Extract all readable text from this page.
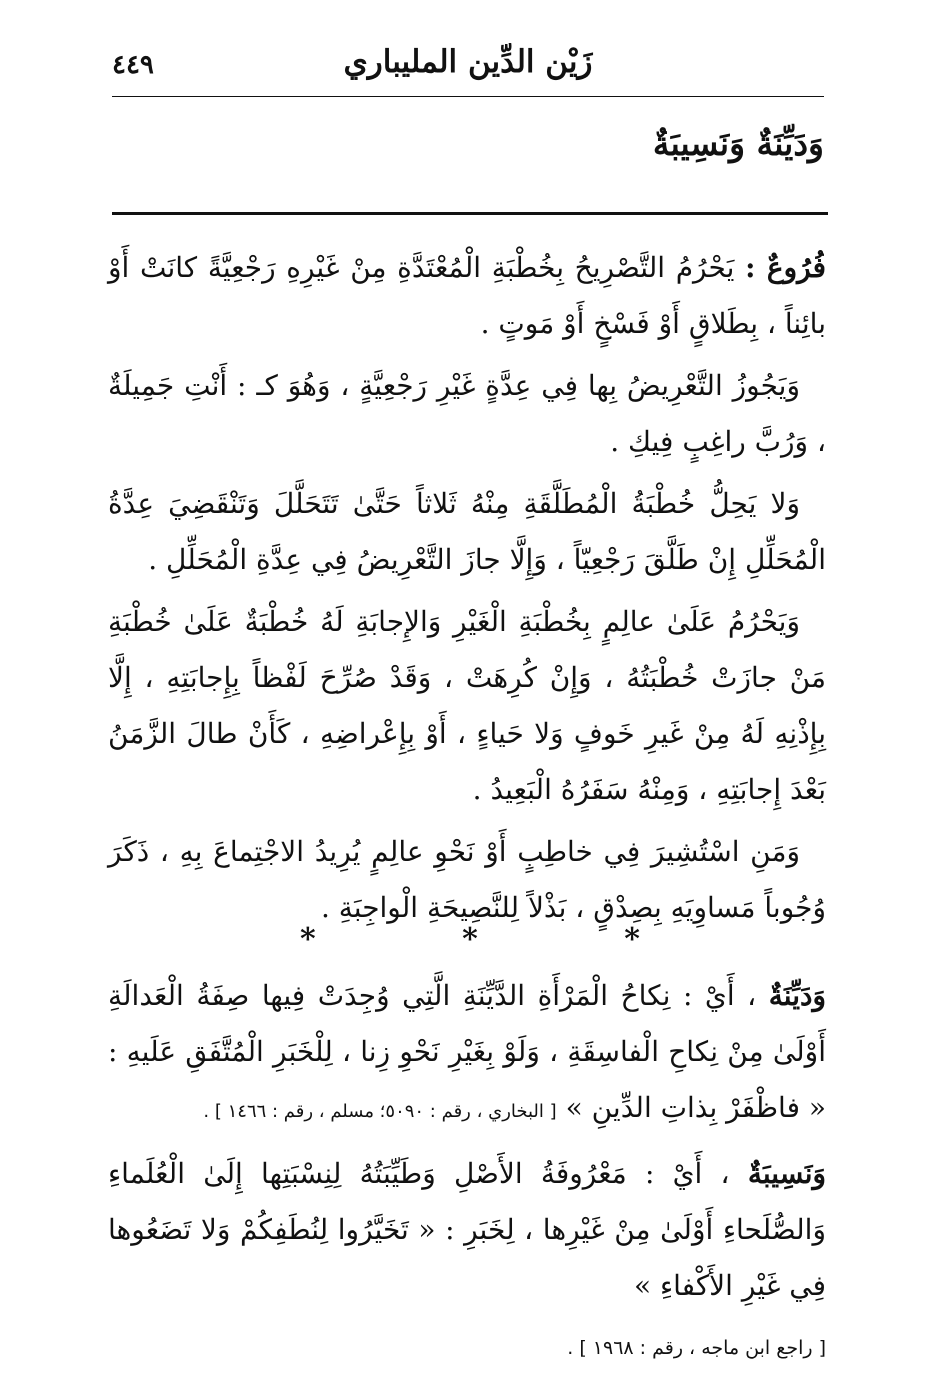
٤٤٩	زَيْن الدِّين المليباري
وَدَيِّنَةٌ وَنَسِيبَةٌ

فُرُوعٌ : يَحْرُمُ التَّصْرِيحُ بِخُطْبَةِ الْمُعْتَدَّةِ مِنْ غَيْرِهِ رَجْعِيَّةً كانَتْ أَوْ بائِناً ، بِطَلاقٍ أَوْ فَسْخٍ أَوْ مَوتٍ .

وَيَجُوزُ التَّعْرِيضُ بِها فِي عِدَّةٍ غَيْرِ رَجْعِيَّةٍ ، وَهُوَ كـ : أَنْتِ جَمِيلَةٌ ، وَرُبَّ راغِبٍ فِيكِ .

وَلا يَحِلُّ خُطْبَةُ الْمُطَلَّقَةِ مِنْهُ ثَلاثاً حَتَّىٰ تَتَحَلَّلَ وَتَنْقَضِيَ عِدَّةُ الْمُحَلِّلِ إِنْ طَلَّقَ رَجْعِيّاً ، وَإِلَّا جازَ التَّعْرِيضُ فِي عِدَّةِ الْمُحَلِّلِ .

وَيَحْرُمُ عَلَىٰ عالِمٍ بِخُطْبَةِ الْغَيْرِ وَالإِجابَةِ لَهُ خُطْبَةٌ عَلَىٰ خُطْبَةِ مَنْ جازَتْ خُطْبَتُهُ ، وَإِنْ كُرِهَتْ ، وَقَدْ صُرِّحَ لَفْظاً بِإِجابَتِهِ ، إِلَّا بِإِذْنِهِ لَهُ مِنْ غَيرِ خَوفٍ وَلا حَياءٍ ، أَوْ بِإِعْراضِهِ ، كَأَنْ طالَ الزَّمَنُ بَعْدَ إِجابَتِهِ ، وَمِنْهُ سَفَرُهُ الْبَعِيدُ .

وَمَنِ اسْتُشِيرَ فِي خاطِبٍ أَوْ نَحْوِ عالِمٍ يُرِيدُ الاجْتِماعَ بِهِ ، ذَكَرَ وُجُوباً مَساوِيَهِ بِصِدْقٍ ، بَذْلاً لِلنَّصِيحَةِ الْواجِبَةِ .

*
*
*

وَدَيِّنَةٌ ، أَيْ : نِكاحُ الْمَرْأَةِ الدَّيِّنَةِ الَّتِي وُجِدَتْ فِيها صِفَةُ الْعَدالَةِ أَوْلَىٰ مِنْ نِكاحِ الْفاسِقَةِ ، وَلَوْ بِغَيْرِ نَحْوِ زِنا ، لِلْخَبَرِ الْمُتَّفَقِ عَلَيهِ : « فاظْفَرْ بِذاتِ الدِّينِ » [ البخاري ، رقم : ٥٠٩٠؛ مسلم ، رقم : ١٤٦٦ ] .

وَنَسِيبَةٌ ، أَيْ : مَعْرُوفَةُ الأَصْلِ وَطَيِّبَتُهُ لِنِسْبَتِها إِلَىٰ الْعُلَماءِ وَالصُّلَحاءِ أَوْلَىٰ مِنْ غَيْرِها ، لِخَبَرِ : « تَخَيَّرُوا لِنُطَفِكُمْ وَلا تَضَعُوها فِي غَيْرِ الأَكْفاءِ »

[ راجع ابن ماجه ، رقم : ١٩٦٨ ] .
